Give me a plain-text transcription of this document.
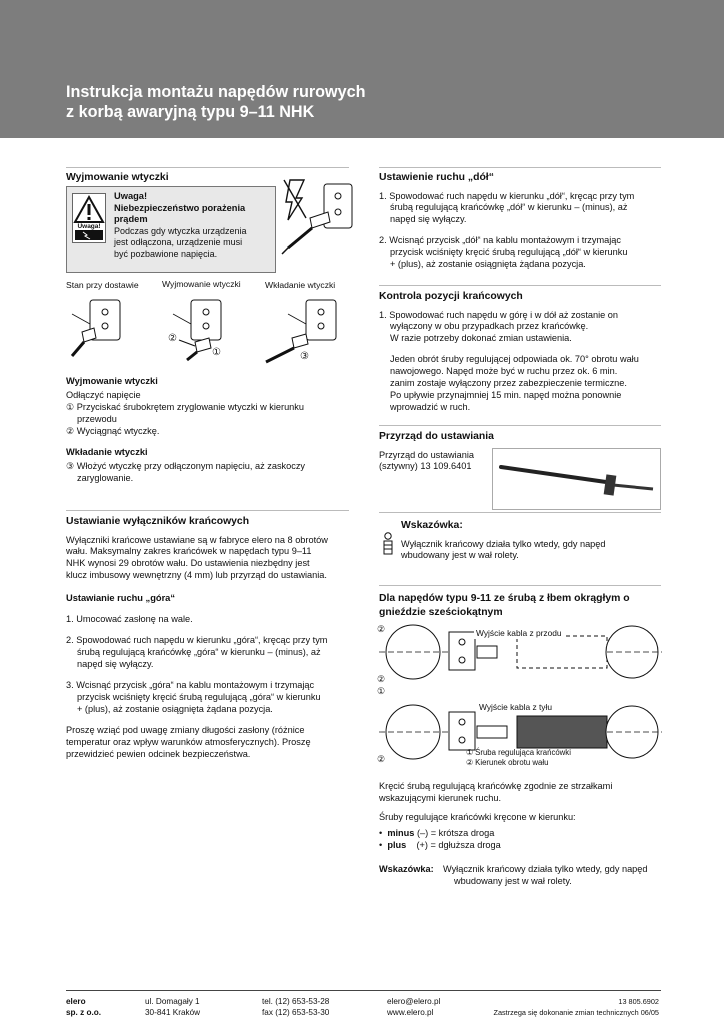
Instrukcja montażu napędów rurowych
z korbą awaryjną typu 9–11 NHK
Wyjmowanie wtyczki
Uwaga!

Uwaga!

Niebezpieczeństwo porażenia

prądem

Podczas gdy wtyczka urządzenia

jest odłączona, urządzenie musi

być pozbawione napięcia.

Stan przy dostawie	Wyjmowanie wtyczki	Wkładanie wtyczki
②
①	③

Wyjmowanie wtyczki

Odłączyć napięcie

① Przyciskać śrubokrętem zryglowanie wtyczki w kierunku

przewodu

② Wyciągnąć wtyczkę.

Wkładanie wtyczki

③ Włożyć wtyczkę przy odłączonym napięciu, aż zaskoczy

zaryglowanie.

Ustawianie wyłączników krańcowych

Wyłączniki krańcowe ustawiane są w fabryce elero na 8 obrotów

wału. Maksymalny zakres krańcówek w napędach typu 9–11

NHK wynosi 29 obrotów wału. Do ustawienia niezbędny jest

klucz imbusowy wewnętrzny (4 mm) lub przyrząd do ustawiania.

Ustawianie ruchu „góra“

1. Umocować zasłonę na wale.

2. Spowodować ruch napędu w kierunku „góra“, kręcąc przy tym

śrubą regulującą krańcówkę „góra“ w kierunku – (minus), aż

napęd się wyłączy.

3. Wcisnąć przycisk „góra“ na kablu montażowym i trzymając

przycisk wciśnięty kręcić śrubą regulującą „góra“ w kierunku

+ (plus), aż zostanie osiągnięta żądana pozycja.

Proszę wziąć pod uwagę zmiany długości zasłony (różnice

temperatur oraz wpływ warunków atmosferycznych). Proszę

przewidzieć pewien odcinek bezpieczeństwa.

Ustawienie ruchu „dół“

1. Spowodować ruch napędu w kierunku „dół“, kręcąc przy tym

śrubą regulującą krańcówkę „dół“ w kierunku – (minus), aż

napęd się wyłączy.

2. Wcisnąć przycisk „dół“ na kablu montażowym i trzymając

przycisk wciśnięty kręcić śrubą regulującą „dół“ w kierunku

+ (plus), aż zostanie osiągnięta żądana pozycja.

Kontrola pozycji krańcowych

1. Spowodować ruch napędu w górę i w dół aż zostanie on

wyłączony w obu przypadkach przez krańcówkę.

W razie potrzeby dokonać zmian ustawienia.

Jeden obrót śruby regulującej odpowiada ok. 70° obrotu wału

nawojowego. Napęd może być w ruchu przez ok. 6 min.

zanim zostaje wyłączony przez zabezpieczenie termiczne.

Po upływie przynajmniej 15 min. napęd można ponownie

wprowadzić w ruch.

Przyrząd do ustawiania

Przyrząd do ustawiania

(sztywny) 13 109.6401

Wskazówka:

Wyłącznik krańcowy działa tylko wtedy, gdy napęd

wbudowany jest w wał rolety.

Dla napędów typu 9-11 ze śrubą z łbem okrągłym o

gnieździe sześciokątnym

②
②
①
②
Wyjście kabla z przodu
Wyjście kabla z tyłu

① Śruba regulująca krańcówki

② Kierunek obrotu wału

Kręcić śrubą regulującą krańcówkę zgodnie ze strzałkami

wskazującymi kierunek ruchu.

Śruby regulujące krańcówki kręcone w kierunku:

•  minus (–) = krótsza droga

•  plus (+) = dgłuższa droga

Wskazówka: Wyłącznik krańcowy działa tylko wtedy, gdy napęd

wbudowany jest w wał rolety.

elero

sp. z o.o.

ul. Domagały 1

30-841 Kraków

tel. (12) 653-53-28

fax (12) 653-53-30

elero@elero.pl

www.elero.pl

13 805.6902

Zastrzega się dokonanie zmian technicznych 06/05
